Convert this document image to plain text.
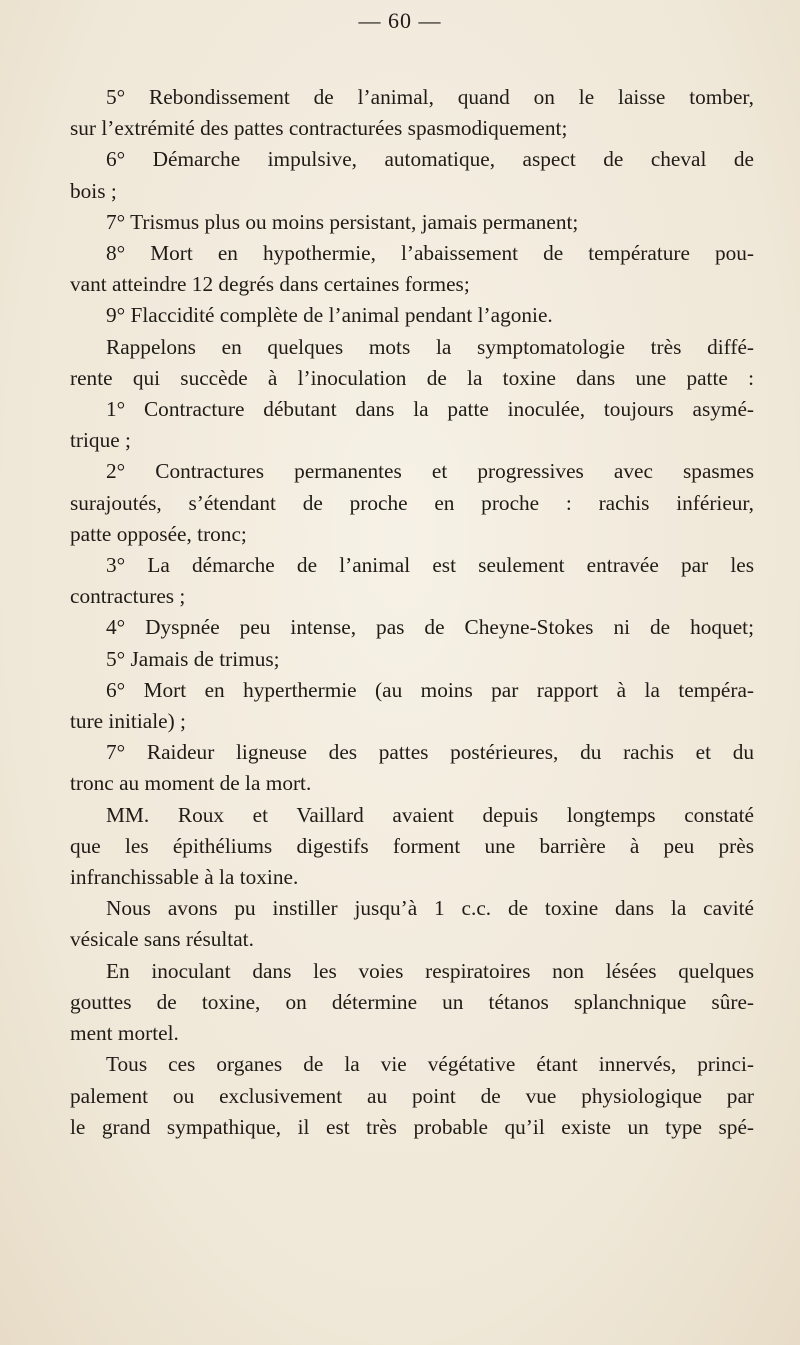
— 60 —
5° Rebondissement de l’animal, quand on le laisse tomber,
sur l’extrémité des pattes contracturées spasmodiquement;
6° Démarche impulsive, automatique, aspect de cheval de
bois ;
7° Trismus plus ou moins persistant, jamais permanent;
8° Mort en hypothermie, l’abaissement de température pou-
vant atteindre 12 degrés dans certaines formes;
9° Flaccidité complète de l’animal pendant l’agonie.
Rappelons en quelques mots la symptomatologie très diffé-
rente qui succède à l’inoculation de la toxine dans une patte :
1° Contracture débutant dans la patte inoculée, toujours asymé-
trique ;
2° Contractures permanentes et progressives avec spasmes
surajoutés, s’étendant de proche en proche : rachis inférieur,
patte opposée, tronc;
3° La démarche de l’animal est seulement entravée par les
contractures ;
4° Dyspnée peu intense, pas de Cheyne-Stokes ni de hoquet;
5° Jamais de trimus;
6° Mort en hyperthermie (au moins par rapport à la tempéra-
ture initiale) ;
7° Raideur ligneuse des pattes postérieures, du rachis et du
tronc au moment de la mort.
MM. Roux et Vaillard avaient depuis longtemps constaté
que les épithéliums digestifs forment une barrière à peu près
infranchissable à la toxine.
Nous avons pu instiller jusqu’à 1 c.c. de toxine dans la cavité
vésicale sans résultat.
En inoculant dans les voies respiratoires non lésées quelques
gouttes de toxine, on détermine un tétanos splanchnique sûre-
ment mortel.
Tous ces organes de la vie végétative étant innervés, princi-
palement ou exclusivement au point de vue physiologique par
le grand sympathique, il est très probable qu’il existe un type spé-
